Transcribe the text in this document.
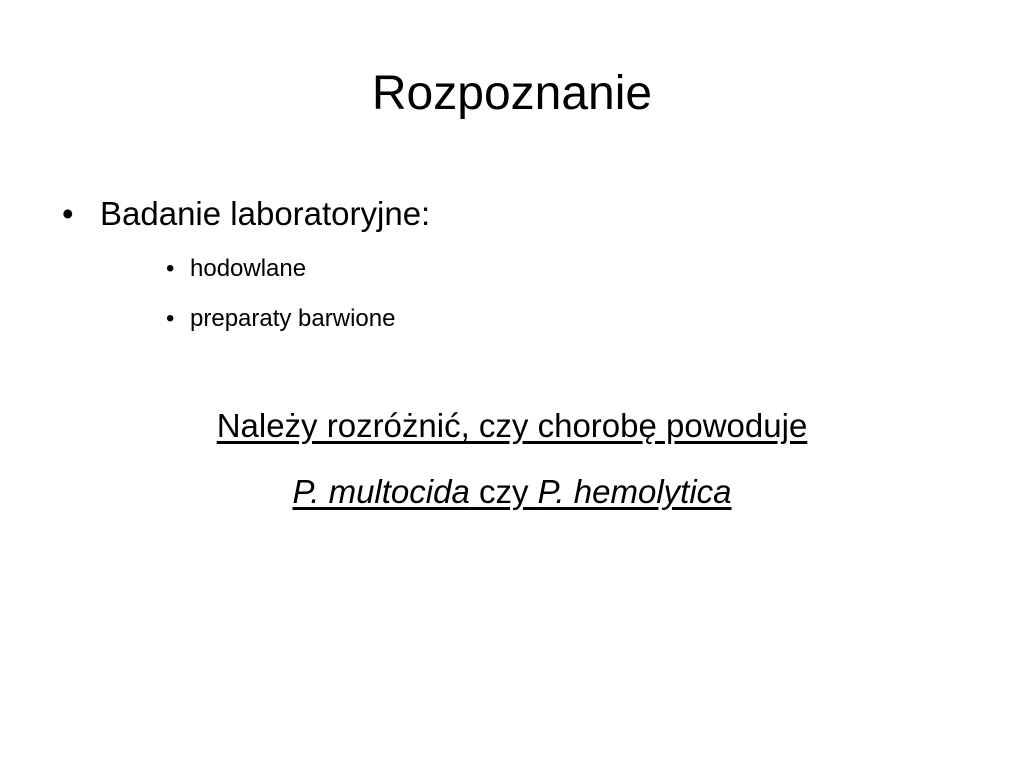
Rozpoznanie
• Badanie laboratoryjne:
• hodowlane
• preparaty barwione
Należy rozróżnić, czy chorobę powoduje
P. multocida czy P. hemolytica
